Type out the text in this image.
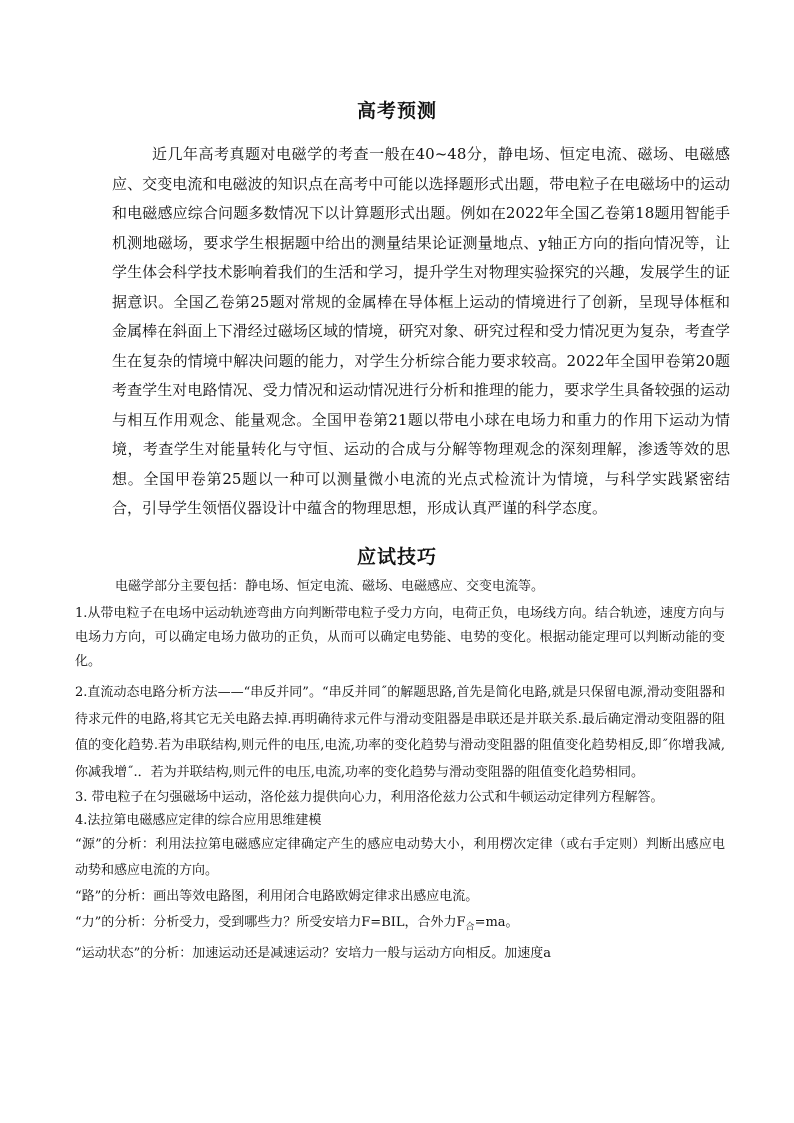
高考预测
近几年高考真题对电磁学的考查一般在40~48分，静电场、恒定电流、磁场、电磁感应、交变电流和电磁波的知识点在高考中可能以选择题形式出题，带电粒子在电磁场中的运动和电磁感应综合问题多数情况下以计算题形式出题。例如在2022年全国乙卷第18题用智能手机测地磁场，要求学生根据题中给出的测量结果论证测量地点、y轴正方向的指向情况等，让学生体会科学技术影响着我们的生活和学习，提升学生对物理实验探究的兴趣，发展学生的证据意识。全国乙卷第25题对常规的金属棒在导体框上运动的情境进行了创新，呈现导体框和金属棒在斜面上下滑经过磁场区域的情境，研究对象、研究过程和受力情况更为复杂，考查学生在复杂的情境中解决问题的能力，对学生分析综合能力要求较高。2022年全国甲卷第20题考查学生对电路情况、受力情况和运动情况进行分析和推理的能力，要求学生具备较强的运动与相互作用观念、能量观念。全国甲卷第21题以带电小球在电场力和重力的作用下运动为情境，考查学生对能量转化与守恒、运动的合成与分解等物理观念的深刻理解，渗透等效的思想。全国甲卷第25题以一种可以测量微小电流的光点式检流计为情境，与科学实践紧密结合，引导学生领悟仪器设计中蕴含的物理思想，形成认真严谨的科学态度。
应试技巧

电磁学部分主要包括：静电场、恒定电流、磁场、电磁感应、交变电流等。

1.从带电粒子在电场中运动轨迹弯曲方向判断带电粒子受力方向，电荷正负，电场线方向。结合轨迹，速度方向与电场力方向，可以确定电场力做功的正负，从而可以确定电势能、电势的变化。根据动能定理可以判断动能的变化。

2.直流动态电路分析方法——“串反并同”。“串反并同˝的解题思路,首先是简化电路,就是只保留电源,滑动变阻器和待求元件的电路,将其它无关电路去掉.再明确待求元件与滑动变阻器是串联还是并联关系.最后确定滑动变阻器的阻值的变化趋势.若为串联结构,则元件的电压,电流,功率的变化趋势与滑动变阻器的阻值变化趋势相反,即˝你增我减,你减我增˝.．若为并联结构,则元件的电压,电流,功率的变化趋势与滑动变阻器的阻值变化趋势相同。

3. 带电粒子在匀强磁场中运动，洛伦兹力提供向心力，利用洛伦兹力公式和牛顿运动定律列方程解答。

4.法拉第电磁感应定律的综合应用思维建模

“源”的分析：利用法拉第电磁感应定律确定产生的感应电动势大小，利用楞次定律（或右手定则）判断出感应电动势和感应电流的方向。

“路”的分析：画出等效电路图，利用闭合电路欧姆定律求出感应电流。

“力”的分析：分析受力，受到哪些力？所受安培力F=BIL，合外力$F_合=ma$。

“运动状态”的分析：加速运动还是减速运动？安培力一般与运动方向相反。加速度a
